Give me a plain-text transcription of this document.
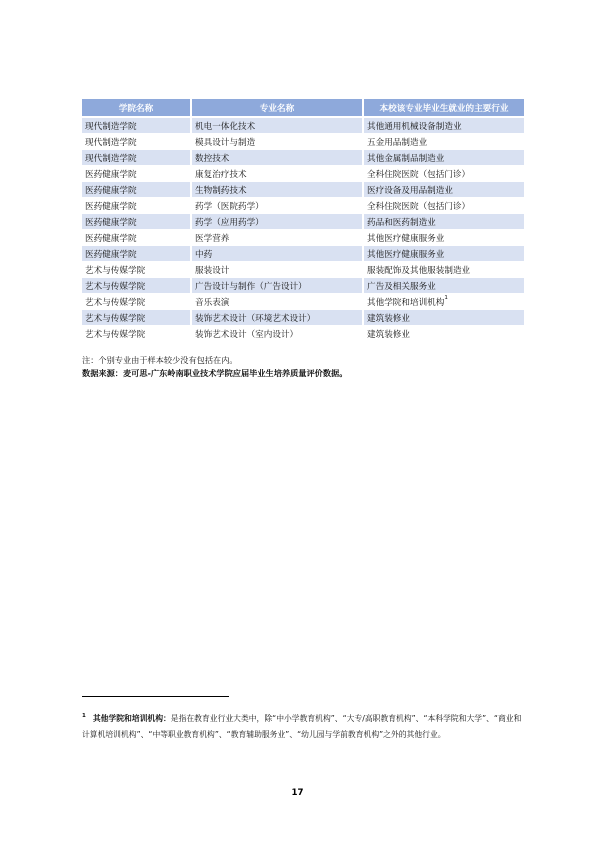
学院名称	专业名称	本校该专业毕业生就业的主要行业
现代制造学院	机电一体化技术	其他通用机械设备制造业
现代制造学院	模具设计与制造	五金用品制造业
现代制造学院	数控技术	其他金属制品制造业
医药健康学院	康复治疗技术	全科住院医院（包括门诊）
医药健康学院	生物制药技术	医疗设备及用品制造业
医药健康学院	药学（医院药学）	全科住院医院（包括门诊）
医药健康学院	药学（应用药学）	药品和医药制造业
医药健康学院	医学营养	其他医疗健康服务业
医药健康学院	中药	其他医疗健康服务业
艺术与传媒学院	服装设计	服装配饰及其他服装制造业
艺术与传媒学院	广告设计与制作（广告设计）	广告及相关服务业
艺术与传媒学院	音乐表演	其他学院和培训机构$^1$
艺术与传媒学院	装饰艺术设计（环境艺术设计）	建筑装修业
艺术与传媒学院	装饰艺术设计（室内设计）	建筑装修业
注：个别专业由于样本较少没有包括在内。
数据来源：麦可思-广东岭南职业技术学院应届毕业生培养质量评价数据。
$^1$ 其他学院和培训机构：是指在教育业行业大类中，除“中小学教育机构”、“大专/高职教育机构”、“本科学院和大学”、“商业和计算机培训机构”、“中等职业教育机构”、“教育辅助服务业”、“幼儿园与学前教育机构”之外的其他行业。
17
